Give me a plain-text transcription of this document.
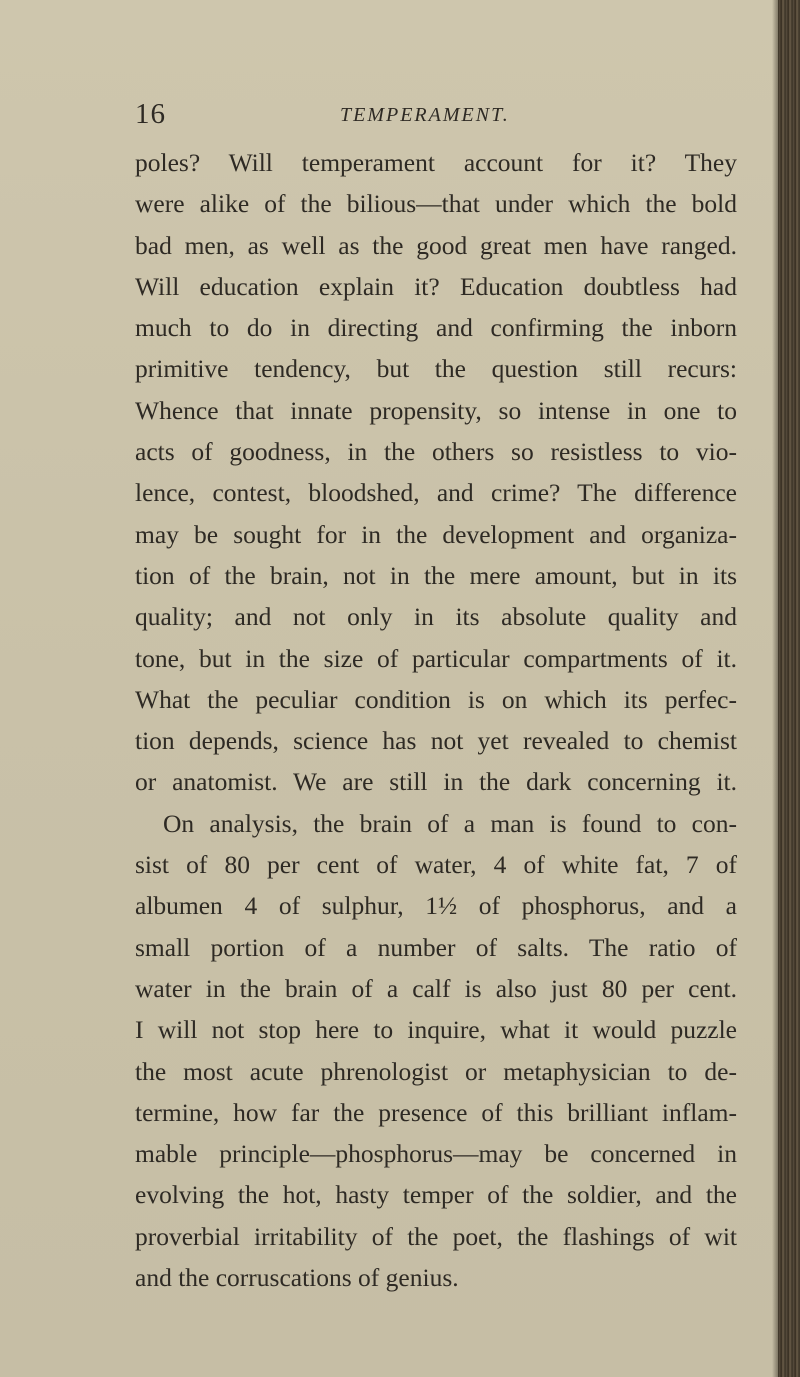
16	TEMPERAMENT.
poles? Will temperament account for it? They
were alike of the bilious—that under which the bold
bad men, as well as the good great men have ranged.
Will education explain it? Education doubtless had
much to do in directing and confirming the inborn
primitive tendency, but the question still recurs:
Whence that innate propensity, so intense in one to
acts of goodness, in the others so resistless to vio-
lence, contest, bloodshed, and crime? The difference
may be sought for in the development and organiza-
tion of the brain, not in the mere amount, but in its
quality; and not only in its absolute quality and
tone, but in the size of particular compartments of it.
What the peculiar condition is on which its perfec-
tion depends, science has not yet revealed to chemist
or anatomist. We are still in the dark concerning it.
On analysis, the brain of a man is found to con-
sist of 80 per cent of water, 4 of white fat, 7 of
albumen 4 of sulphur, 1½ of phosphorus, and a
small portion of a number of salts. The ratio of
water in the brain of a calf is also just 80 per cent.
I will not stop here to inquire, what it would puzzle
the most acute phrenologist or metaphysician to de-
termine, how far the presence of this brilliant inflam-
mable principle—phosphorus—may be concerned in
evolving the hot, hasty temper of the soldier, and the
proverbial irritability of the poet, the flashings of wit
and the corruscations of genius.
